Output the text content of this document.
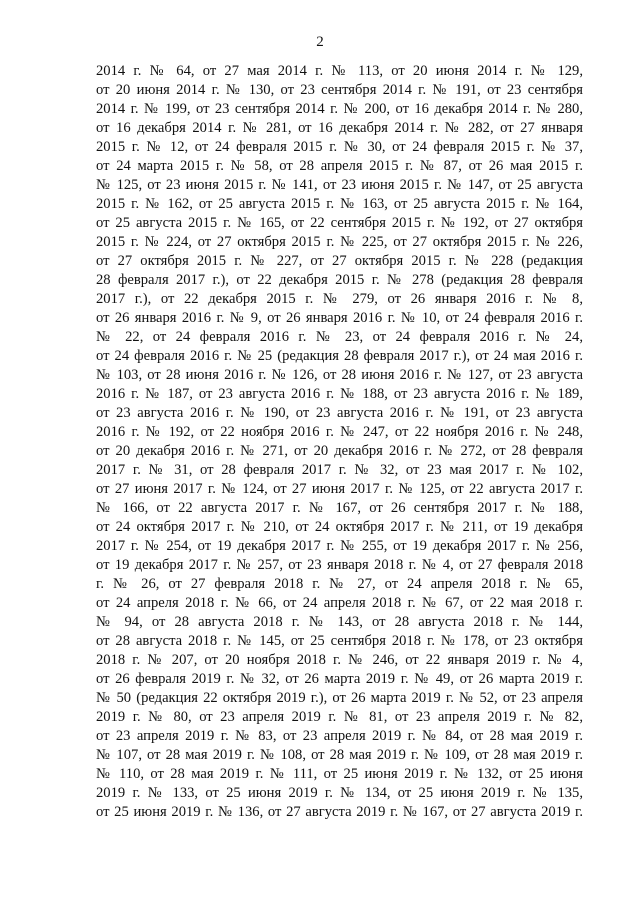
2
2014 г. № 64, от 27 мая 2014 г. № 113, от 20 июня 2014 г. № 129,
от 20 июня 2014 г. № 130, от 23 сентября 2014 г. № 191, от 23 сентября
2014 г. № 199, от 23 сентября 2014 г. № 200, от 16 декабря 2014 г. № 280,
от 16 декабря 2014 г. № 281, от 16 декабря 2014 г. № 282, от 27 января
2015 г. № 12, от 24 февраля 2015 г. № 30, от 24 февраля 2015 г. № 37,
от 24 марта 2015 г. № 58, от 28 апреля 2015 г. № 87, от 26 мая 2015 г.
№ 125, от 23 июня 2015 г. № 141, от 23 июня 2015 г. № 147, от 25 августа
2015 г. № 162, от 25 августа 2015 г. № 163, от 25 августа 2015 г. № 164,
от 25 августа 2015 г. № 165, от 22 сентября 2015 г. № 192, от 27 октября
2015 г. № 224, от 27 октября 2015 г. № 225, от 27 октября 2015 г. № 226,
от 27 октября 2015 г. № 227, от 27 октября 2015 г. № 228 (редакция
28 февраля 2017 г.), от 22 декабря 2015 г. № 278 (редакция 28 февраля
2017 г.), от 22 декабря 2015 г. № 279, от 26 января 2016 г. № 8,
от 26 января 2016 г. № 9, от 26 января 2016 г. № 10, от 24 февраля 2016 г.
№ 22, от 24 февраля 2016 г. № 23, от 24 февраля 2016 г. № 24,
от 24 февраля 2016 г. № 25 (редакция 28 февраля 2017 г.), от 24 мая 2016 г.
№ 103, от 28 июня 2016 г. № 126, от 28 июня 2016 г. № 127, от 23 августа
2016 г. № 187, от 23 августа 2016 г. № 188, от 23 августа 2016 г. № 189,
от 23 августа 2016 г. № 190, от 23 августа 2016 г. № 191, от 23 августа
2016 г. № 192, от 22 ноября 2016 г. № 247, от 22 ноября 2016 г. № 248,
от 20 декабря 2016 г. № 271, от 20 декабря 2016 г. № 272, от 28 февраля
2017 г. № 31, от 28 февраля 2017 г. № 32, от 23 мая 2017 г. № 102,
от 27 июня 2017 г. № 124, от 27 июня 2017 г. № 125, от 22 августа 2017 г.
№ 166, от 22 августа 2017 г. № 167, от 26 сентября 2017 г. № 188,
от 24 октября 2017 г. № 210, от 24 октября 2017 г. № 211, от 19 декабря
2017 г. № 254, от 19 декабря 2017 г. № 255, от 19 декабря 2017 г. № 256,
от 19 декабря 2017 г. № 257, от 23 января 2018 г. № 4, от 27 февраля 2018
г. № 26, от 27 февраля 2018 г. № 27, от 24 апреля 2018 г. № 65,
от 24 апреля 2018 г. № 66, от 24 апреля 2018 г. № 67, от 22 мая 2018 г.
№ 94, от 28 августа 2018 г. № 143, от 28 августа 2018 г. № 144,
от 28 августа 2018 г. № 145, от 25 сентября 2018 г. № 178, от 23 октября
2018 г. № 207, от 20 ноября 2018 г. № 246, от 22 января 2019 г. № 4,
от 26 февраля 2019 г. № 32, от 26 марта 2019 г. № 49, от 26 марта 2019 г.
№ 50 (редакция 22 октября 2019 г.), от 26 марта 2019 г. № 52, от 23 апреля
2019 г. № 80, от 23 апреля 2019 г. № 81, от 23 апреля 2019 г. № 82,
от 23 апреля 2019 г. № 83, от 23 апреля 2019 г. № 84, от 28 мая 2019 г.
№ 107, от 28 мая 2019 г. № 108, от 28 мая 2019 г. № 109, от 28 мая 2019 г.
№ 110, от 28 мая 2019 г. № 111, от 25 июня 2019 г. № 132, от 25 июня
2019 г. № 133, от 25 июня 2019 г. № 134, от 25 июня 2019 г. № 135,
от 25 июня 2019 г. № 136, от 27 августа 2019 г. № 167, от 27 августа 2019 г.
